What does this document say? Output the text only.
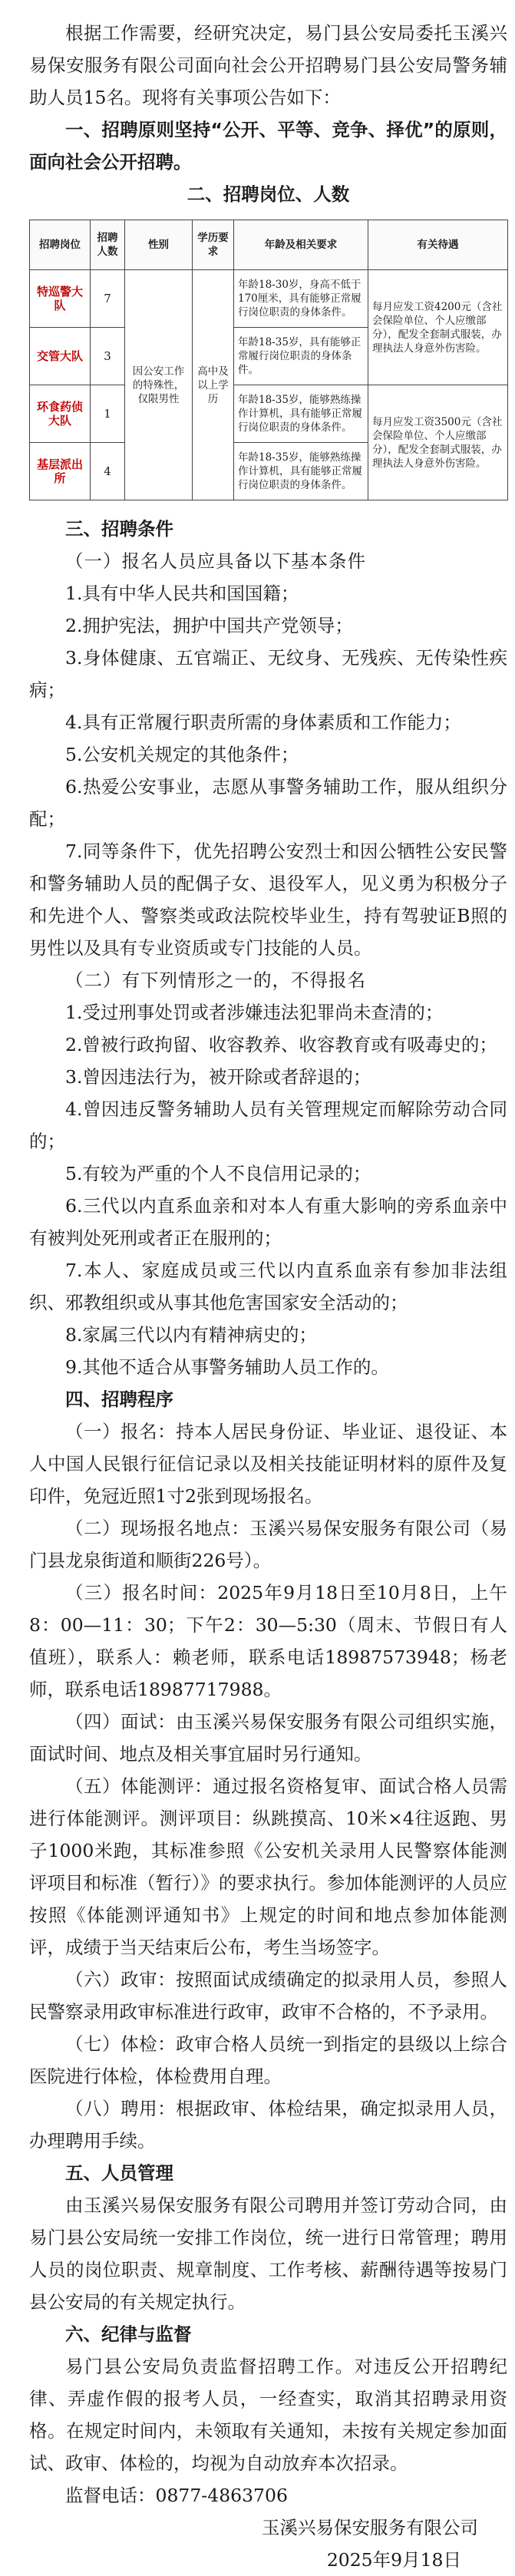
根据工作需要，经研究决定，易门县公安局委托玉溪兴易保安服务有限公司面向社会公开招聘易门县公安局警务辅助人员15名。现将有关事项公告如下：

一、招聘原则坚持“公开、平等、竞争、择优”的原则，面向社会公开招聘。

二、招聘岗位、人数

招聘岗位	招聘人数	性别	学历要求	年龄及相关要求	有关待遇
特巡警大队	7	因公安工作的特殊性，仅限男性	高中及以上学历	年龄18-30岁，身高不低于170厘米，具有能够正常履行岗位职责的身体条件。	每月应发工资4200元（含社会保险单位、个人应缴部分），配发全套制式服装，办理执法人身意外伤害险。
交管大队	3			年龄18-35岁，具有能够正常履行岗位职责的身体条件。	
环食药侦大队	1			年龄18-35岁，能够熟练操作计算机，具有能够正常履行岗位职责的身体条件。	每月应发工资3500元（含社会保险单位、个人应缴部分），配发全套制式服装，办理执法人身意外伤害险。
基层派出所	4			年龄18-35岁，能够熟练操作计算机，具有能够正常履行岗位职责的身体条件。	

三、招聘条件

（一）报名人员应具备以下基本条件

1.具有中华人民共和国国籍；

2.拥护宪法，拥护中国共产党领导；

3.身体健康、五官端正、无纹身、无残疾、无传染性疾病；

4.具有正常履行职责所需的身体素质和工作能力；

5.公安机关规定的其他条件；

6.热爱公安事业，志愿从事警务辅助工作，服从组织分配；

7.同等条件下，优先招聘公安烈士和因公牺牲公安民警和警务辅助人员的配偶子女、退役军人，见义勇为积极分子和先进个人、警察类或政法院校毕业生，持有驾驶证B照的男性以及具有专业资质或专门技能的人员。

（二）有下列情形之一的，不得报名

1.受过刑事处罚或者涉嫌违法犯罪尚未查清的；

2.曾被行政拘留、收容教养、收容教育或有吸毒史的；

3.曾因违法行为，被开除或者辞退的；

4.曾因违反警务辅助人员有关管理规定而解除劳动合同的；

5.有较为严重的个人不良信用记录的；

6.三代以内直系血亲和对本人有重大影响的旁系血亲中有被判处死刑或者正在服刑的；

7.本人、家庭成员或三代以内直系血亲有参加非法组织、邪教组织或从事其他危害国家安全活动的；

8.家属三代以内有精神病史的；

9.其他不适合从事警务辅助人员工作的。

四、招聘程序

（一）报名：持本人居民身份证、毕业证、退役证、本人中国人民银行征信记录以及相关技能证明材料的原件及复印件，免冠近照1寸2张到现场报名。

（二）现场报名地点：玉溪兴易保安服务有限公司（易门县龙泉街道和顺街226号）。

（三）报名时间：2025年9月18日至10月8日，上午8：00—11：30；下午2：30—5:30（周末、节假日有人值班），联系人：赖老师，联系电话18987573948；杨老师，联系电话18987717988。

（四）面试：由玉溪兴易保安服务有限公司组织实施，面试时间、地点及相关事宜届时另行通知。

（五）体能测评：通过报名资格复审、面试合格人员需进行体能测评。测评项目：纵跳摸高、10米×4往返跑、男子1000米跑，其标准参照《公安机关录用人民警察体能测评项目和标准（暂行）》的要求执行。参加体能测评的人员应按照《体能测评通知书》上规定的时间和地点参加体能测评，成绩于当天结束后公布，考生当场签字。

（六）政审：按照面试成绩确定的拟录用人员，参照人民警察录用政审标准进行政审，政审不合格的，不予录用。

（七）体检：政审合格人员统一到指定的县级以上综合医院进行体检，体检费用自理。

（八）聘用：根据政审、体检结果，确定拟录用人员，办理聘用手续。

五、人员管理

由玉溪兴易保安服务有限公司聘用并签订劳动合同，由易门县公安局统一安排工作岗位，统一进行日常管理；聘用人员的岗位职责、规章制度、工作考核、薪酬待遇等按易门县公安局的有关规定执行。

六、纪律与监督

易门县公安局负责监督招聘工作。对违反公开招聘纪律、弄虚作假的报考人员，一经查实，取消其招聘录用资格。在规定时间内，未领取有关通知，未按有关规定参加面试、政审、体检的，均视为自动放弃本次招录。

监督电话：0877-4863706

玉溪兴易保安服务有限公司

2025年9月18日
